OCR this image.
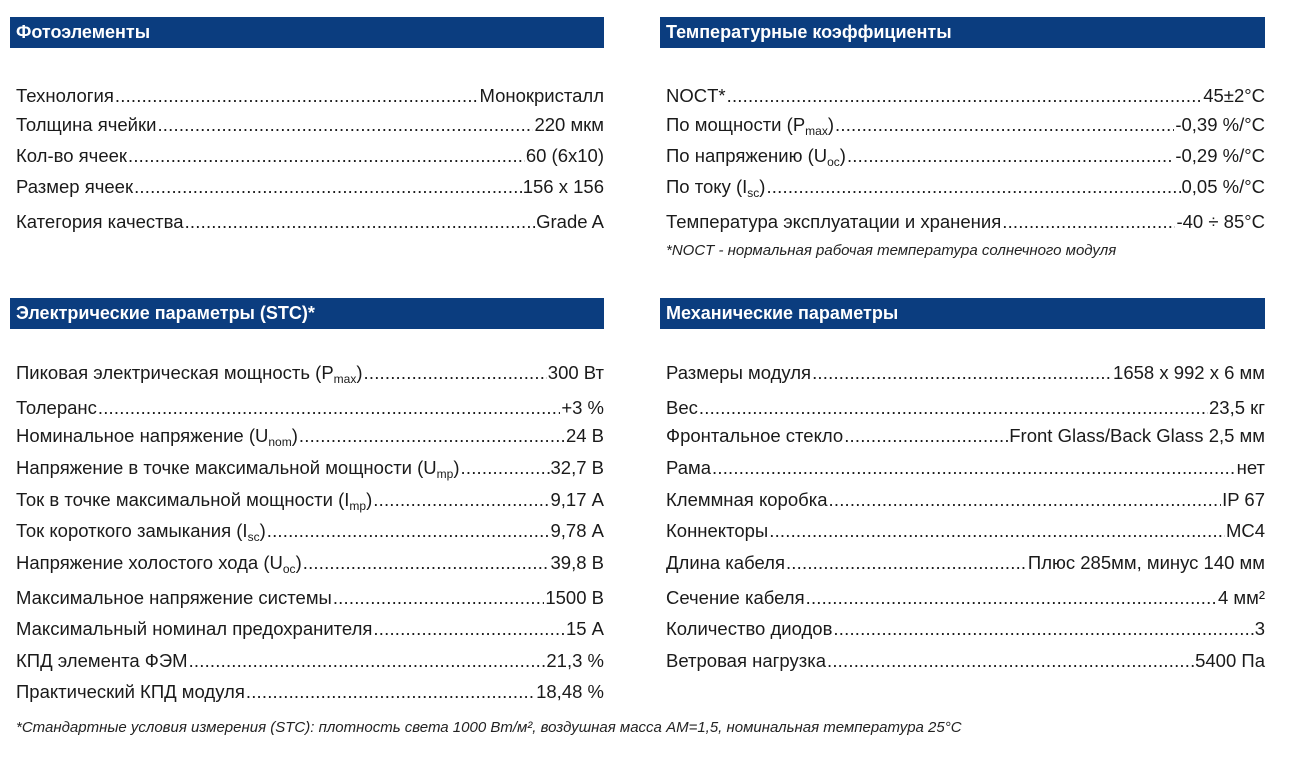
Фотоэлементы
Технология .....	Монокристалл
Толщина ячейки .....	220 мкм
Кол-во ячеек .....	60 (6x10)
Размер ячеек .....	156 x 156
Категория качества .....	Grade A
Температурные коэффициенты
NOCT* .....	45±2°C
По мощности $(P_{max})$ .....	-0,39 %/°C
По напряжению $(U_{oc})$ .....	-0,29 %/°C
По току $(I_{sc})$ .....	0,05 %/°C
Температура эксплуатации и хранения .....	-40 ÷ 85°C
*NOCT - нормальная рабочая температура солнечного модуля
Электрические параметры (STC)*
Пиковая электрическая мощность $(P_{max})$ .....	300 Вт
Толеранс .....	+3 %
Номинальное напряжение $(U_{nom})$ .....	24 В
Напряжение в точке максимальной мощности $(U_{mp})$ .....	32,7 В
Ток в точке максимальной мощности $(I_{mp})$ .....	9,17 А
Ток короткого замыкания $(I_{sc})$ .....	9,78 А
Напряжение холостого хода $(U_{oc})$ .....	39,8 В
Максимальное напряжение системы .....	1500 В
Максимальный номинал предохранителя .....	15 А
КПД элемента ФЭМ .....	21,3 %
Практический КПД модуля .....	18,48 %
Механические параметры
Размеры модуля .....	1658 x 992 x 6 мм
Вес .....	23,5 кг
Фронтальное стекло .....	Front Glass/Back Glass 2,5 мм
Рама .....	нет
Клеммная коробка .....	IP 67
Коннекторы .....	MC4
Длина кабеля .....	Плюс 285мм, минус 140 мм
Сечение кабеля .....	4 мм²
Количество диодов .....	3
Ветровая нагрузка .....	5400 Па
*Стандартные условия измерения (STC): плотность света 1000 Вт/м², воздушная масса AM=1,5, номинальная температура 25°C
